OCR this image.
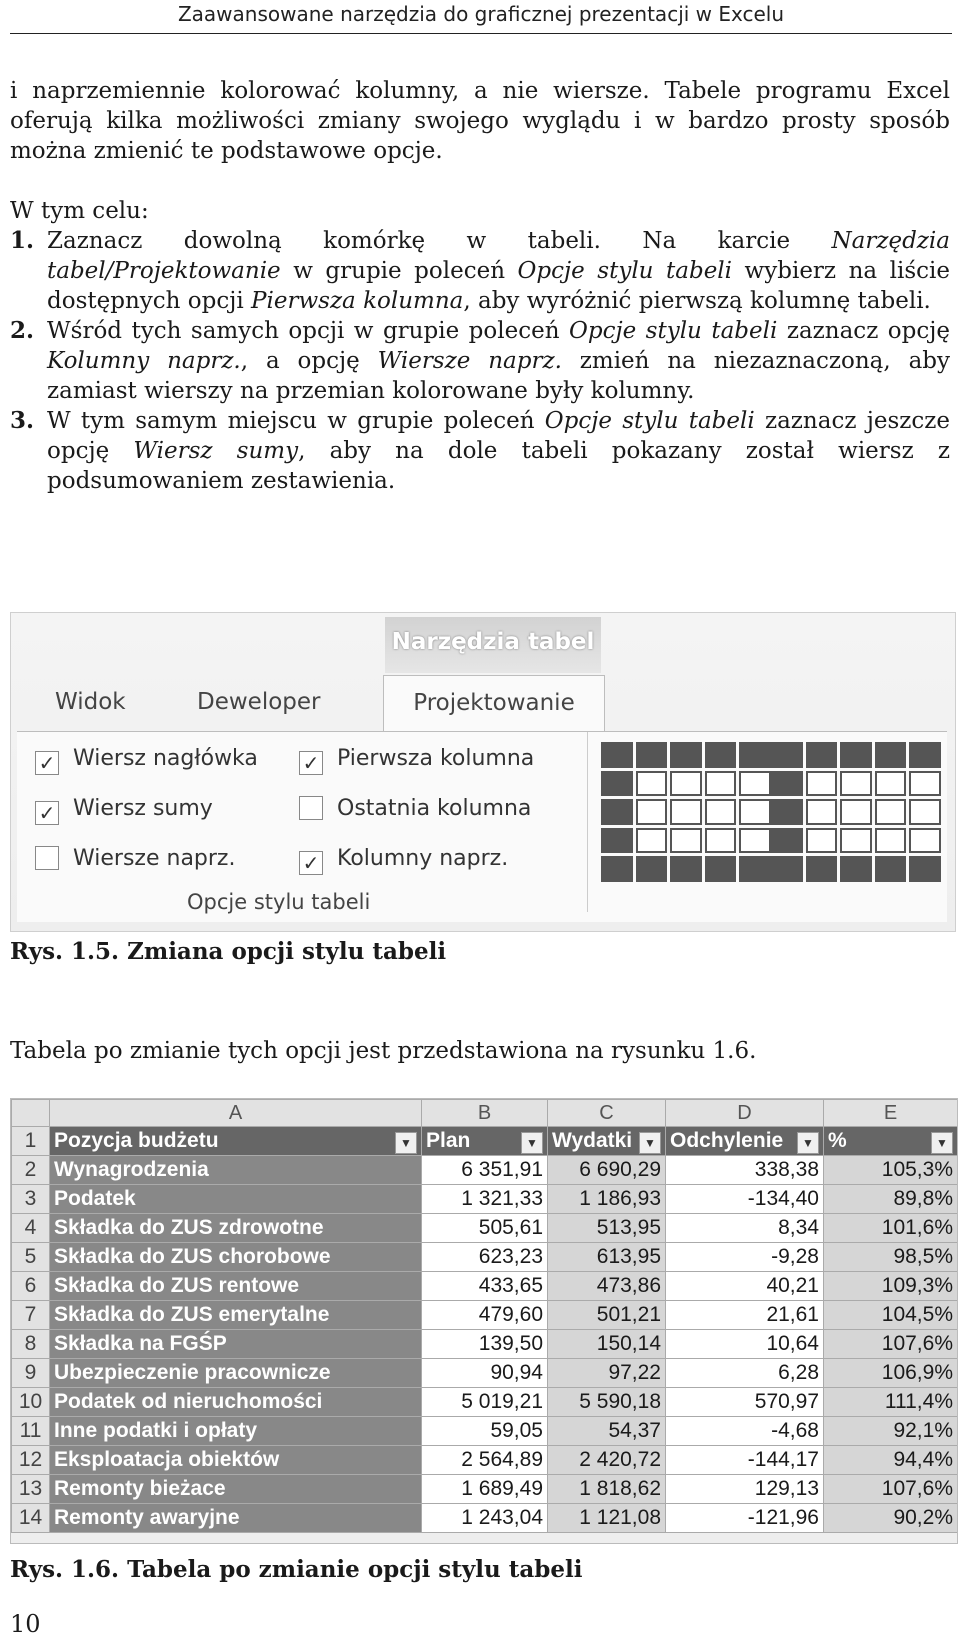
Zaawansowane narzędzia do graficznej prezentacji w Excelu

i naprzemiennie kolorować kolumny, a nie wiersze. Tabele programu Excel oferują kilka możliwości zmiany swojego wyglądu i w bardzo prosty sposób można zmienić te podstawowe opcje.

W tym celu:

1. Zaznacz dowolną komórkę w tabeli. Na karcie Narzędzia tabel/Projektowanie w grupie poleceń Opcje stylu tabeli wybierz na liście dostępnych opcji Pierwsza kolumna, aby wyróżnić pierwszą kolumnę tabeli.
2. Wśród tych samych opcji w grupie poleceń Opcje stylu tabeli zaznacz opcję Kolumny naprz., a opcję Wiersze naprz. zmień na niezaznaczoną, aby zamiast wierszy na przemian kolorowane były kolumny.
3. W tym samym miejscu w grupie poleceń Opcje stylu tabeli zaznacz jeszcze opcję Wiersz sumy, aby na dole tabeli pokazany został wiersz z podsumowaniem zestawienia.
Narzędzia tabel
Widok	Deweloper	Projektowanie
✓ Wiersz nagłówka
✓ Wiersz sumy
Wiersze naprz.
✓ Pierwsza kolumna
Ostatnia kolumna
✓ Kolumny naprz.
Opcje stylu tabeli
Rys. 1.5. Zmiana opcji stylu tabeli
Tabela po zmianie tych opcji jest przedstawiona na rysunku 1.6.
	A	B	C	D	E
1	Pozycja budżetu ▼	Plan ▼	Wydatki ▼	Odchylenie ▼	% ▼

2	Wynagrodzenia	6 351,91	6 690,29	338,38	105,3%
3	Podatek	1 321,33	1 186,93	-134,40	89,8%
4	Składka do ZUS zdrowotne	505,61	513,95	8,34	101,6%
5	Składka do ZUS chorobowe	623,23	613,95	-9,28	98,5%
6	Składka do ZUS rentowe	433,65	473,86	40,21	109,3%
7	Składka do ZUS emerytalne	479,60	501,21	21,61	104,5%
8	Składka na FGŚP	139,50	150,14	10,64	107,6%
9	Ubezpieczenie pracownicze	90,94	97,22	6,28	106,9%
10	Podatek od nieruchomości	5 019,21	5 590,18	570,97	111,4%
11	Inne podatki i opłaty	59,05	54,37	-4,68	92,1%
12	Eksploatacja obiektów	2 564,89	2 420,72	-144,17	94,4%
13	Remonty bieżace	1 689,49	1 818,62	129,13	107,6%
14	Remonty awaryjne	1 243,04	1 121,08	-121,96	90,2%
Rys. 1.6. Tabela po zmianie opcji stylu tabeli
10
